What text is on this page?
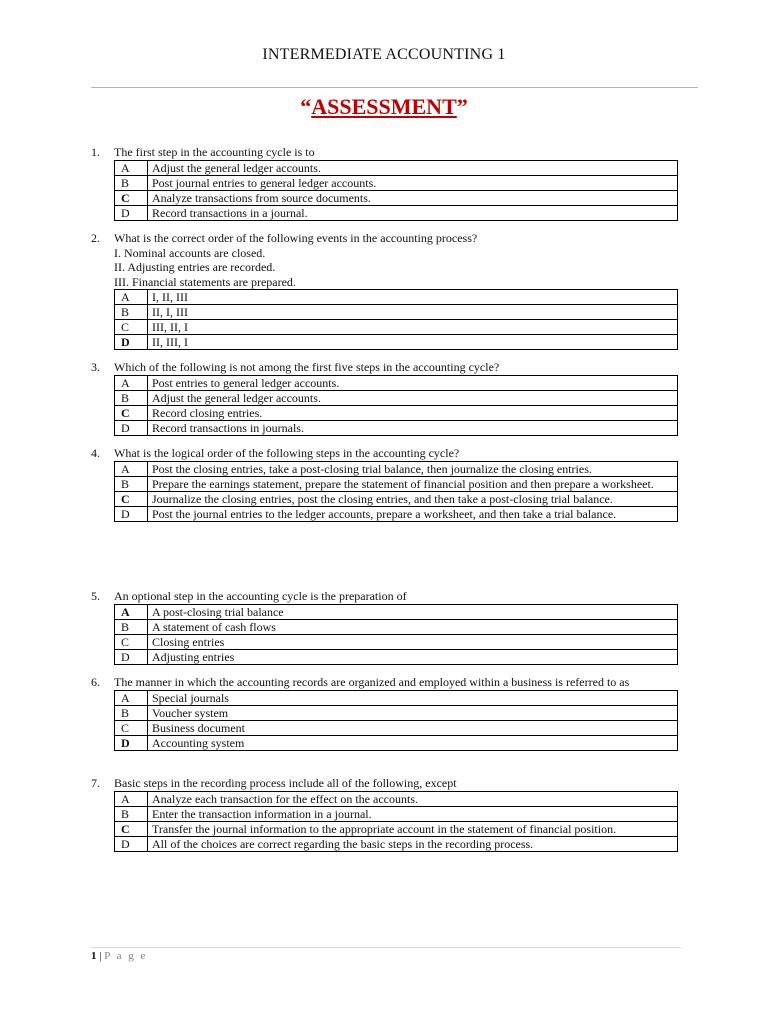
INTERMEDIATE ACCOUNTING 1
“ASSESSMENT”
1.	The first step in the accounting cycle is to
A	Adjust the general ledger accounts.
B	Post journal entries to general ledger accounts.
C	Analyze transactions from source documents.
D	Record transactions in a journal.
2.	What is the correct order of the following events in the accounting process?
I. Nominal accounts are closed.
II. Adjusting entries are recorded.
III. Financial statements are prepared.
A	I, II, III
B	II, I, III
C	III, II, I
D	II, III, I
3.	Which of the following is not among the first five steps in the accounting cycle?
A	Post entries to general ledger accounts.
B	Adjust the general ledger accounts.
C	Record closing entries.
D	Record transactions in journals.
4.	What is the logical order of the following steps in the accounting cycle?
A	Post the closing entries, take a post-closing trial balance, then journalize the closing entries.
B	Prepare the earnings statement, prepare the statement of financial position and then prepare a worksheet.
C	Journalize the closing entries, post the closing entries, and then take a post-closing trial balance.
D	Post the journal entries to the ledger accounts, prepare a worksheet, and then take a trial balance.
5.	An optional step in the accounting cycle is the preparation of
A	A post-closing trial balance
B	A statement of cash flows
C	Closing entries
D	Adjusting entries
6.	The manner in which the accounting records are organized and employed within a business is referred to as
A	Special journals
B	Voucher system
C	Business document
D	Accounting system
7.	Basic steps in the recording process include all of the following, except
A	Analyze each transaction for the effect on the accounts.
B	Enter the transaction information in a journal.
C	Transfer the journal information to the appropriate account in the statement of financial position.
D	All of the choices are correct regarding the basic steps in the recording process.
1 | P a g e
